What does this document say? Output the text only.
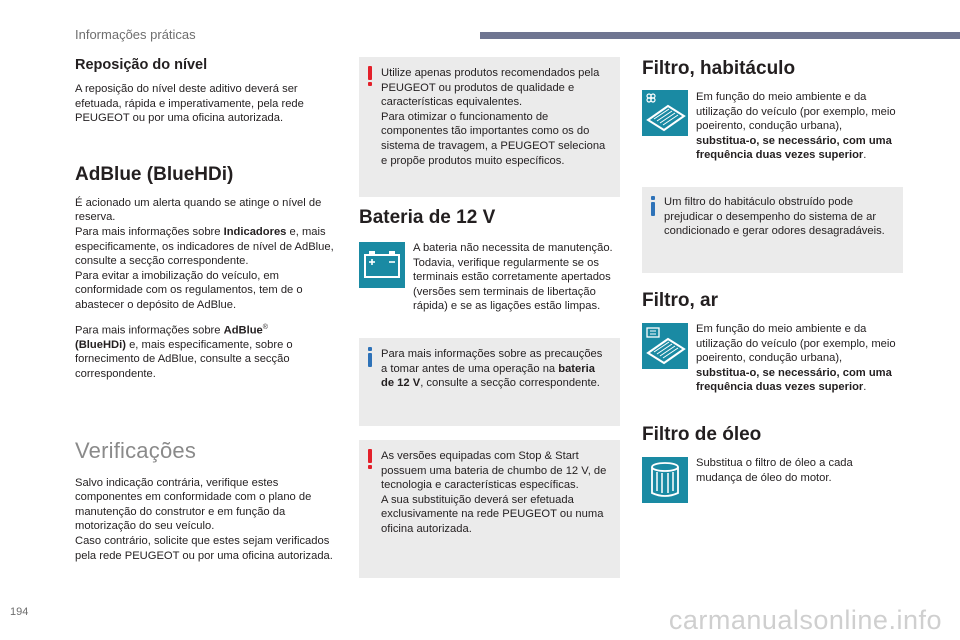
Informações práticas
Reposição do nível
A reposição do nível deste aditivo deverá ser efetuada, rápida e imperativamente, pela rede PEUGEOT ou por uma oficina autorizada.
AdBlue (BlueHDi)
É acionado um alerta quando se atinge o nível de reserva.
Para mais informações sobre Indicadores e, mais especificamente, os indicadores de nível de AdBlue, consulte a secção correspondente.
Para evitar a imobilização do veículo, em conformidade com os regulamentos, tem de o abastecer o depósito de AdBlue.
Para mais informações sobre AdBlue®
(BlueHDi) e, mais especificamente, sobre o fornecimento de AdBlue, consulte a secção correspondente.
Verificações
Salvo indicação contrária, verifique estes componentes em conformidade com o plano de manutenção do construtor e em função da motorização do seu veículo.
Caso contrário, solicite que estes sejam verificados pela rede PEUGEOT ou por uma oficina autorizada.
Utilize apenas produtos recomendados pela PEUGEOT ou produtos de qualidade e características equivalentes.
Para otimizar o funcionamento de componentes tão importantes como os do sistema de travagem, a PEUGEOT seleciona e propõe produtos muito específicos.
Bateria de 12 V
A bateria não necessita de manutenção.
Todavia, verifique regularmente se os terminais estão corretamente apertados (versões sem terminais de libertação rápida) e se as ligações estão limpas.
Para mais informações sobre as precauções a tomar antes de uma operação na bateria de 12 V, consulte a secção correspondente.
As versões equipadas com Stop & Start possuem uma bateria de chumbo de 12 V, de tecnologia e características específicas.
A sua substituição deverá ser efetuada exclusivamente na rede PEUGEOT ou numa oficina autorizada.
Filtro, habitáculo
Em função do meio ambiente e da utilização do veículo (por exemplo, meio poeirento, condução urbana), substitua-o, se necessário, com uma frequência duas vezes superior.
Um filtro do habitáculo obstruído pode prejudicar o desempenho do sistema de ar condicionado e gerar odores desagradáveis.
Filtro, ar
Em função do meio ambiente e da utilização do veículo (por exemplo, meio poeirento, condução urbana), substitua-o, se necessário, com uma frequência duas vezes superior.
Filtro de óleo
Substitua o filtro de óleo a cada mudança de óleo do motor.
194	carmanualsonline.info
